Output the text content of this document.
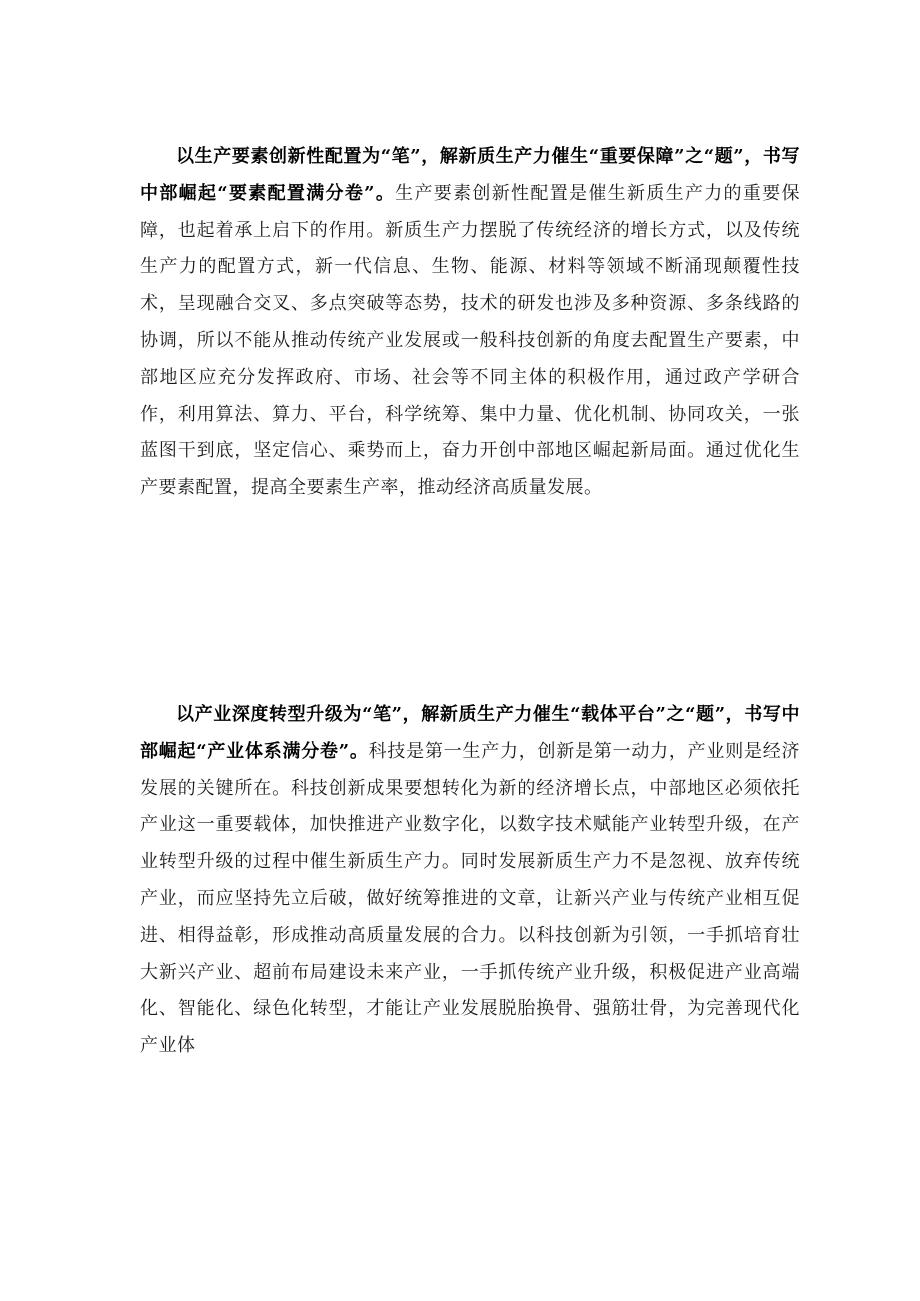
以生产要素创新性配置为“笔”，解新质生产力催生“重要保障”之“题”，书写中部崛起“要素配置满分卷”。生产要素创新性配置是催生新质生产力的重要保障，也起着承上启下的作用。新质生产力摆脱了传统经济的增长方式，以及传统生产力的配置方式，新一代信息、生物、能源、材料等领域不断涌现颠覆性技术，呈现融合交叉、多点突破等态势，技术的研发也涉及多种资源、多条线路的协调，所以不能从推动传统产业发展或一般科技创新的角度去配置生产要素，中部地区应充分发挥政府、市场、社会等不同主体的积极作用，通过政产学研合作，利用算法、算力、平台，科学统筹、集中力量、优化机制、协同攻关，一张蓝图干到底，坚定信心、乘势而上，奋力开创中部地区崛起新局面。通过优化生产要素配置，提高全要素生产率，推动经济高质量发展。

以产业深度转型升级为“笔”，解新质生产力催生“载体平台”之“题”，书写中部崛起“产业体系满分卷”。科技是第一生产力，创新是第一动力，产业则是经济发展的关键所在。科技创新成果要想转化为新的经济增长点，中部地区必须依托产业这一重要载体，加快推进产业数字化，以数字技术赋能产业转型升级，在产业转型升级的过程中催生新质生产力。同时发展新质生产力不是忽视、放弃传统产业，而应坚持先立后破，做好统筹推进的文章，让新兴产业与传统产业相互促进、相得益彰，形成推动高质量发展的合力。以科技创新为引领，一手抓培育壮大新兴产业、超前布局建设未来产业，一手抓传统产业升级，积极促进产业高端化、智能化、绿色化转型，才能让产业发展脱胎换骨、强筋壮骨，为完善现代化产业体
